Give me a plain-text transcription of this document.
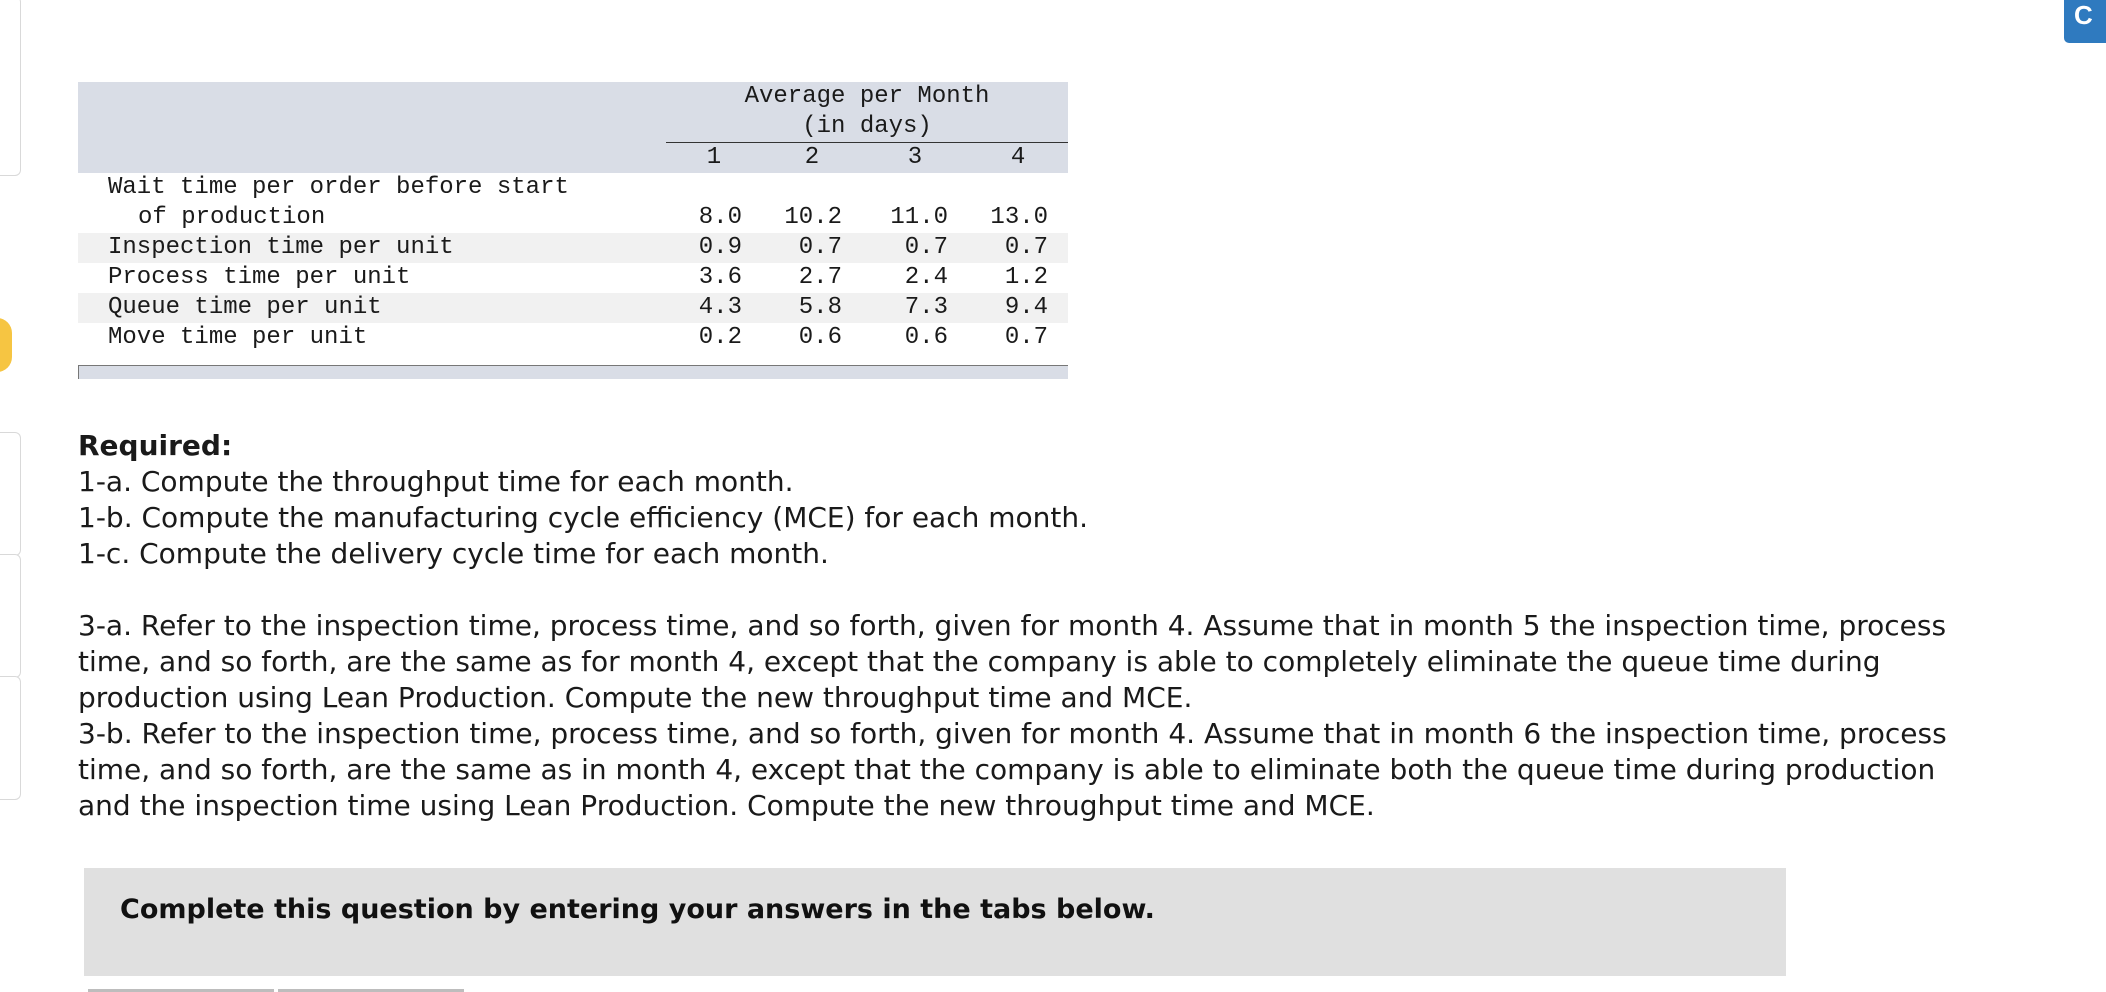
C

	Average per Month
(in days)			

	1	2	3	4
Wait time per order before start				
of production	8.0	10.2	11.0	13.0
Inspection time per unit	0.9	0.7	0.7	0.7
Process time per unit	3.6	2.7	2.4	1.2
Queue time per unit	4.3	5.8	7.3	9.4
Move time per unit	0.2	0.6	0.6	0.7

Required:

1-a. Compute the throughput time for each month.

1-b. Compute the manufacturing cycle efficiency (MCE) for each month.

1-c. Compute the delivery cycle time for each month.

3-a. Refer to the inspection time, process time, and so forth, given for month 4. Assume that in month 5 the inspection time, process time, and so forth, are the same as for month 4, except that the company is able to completely eliminate the queue time during production using Lean Production. Compute the new throughput time and MCE.

3-b. Refer to the inspection time, process time, and so forth, given for month 4. Assume that in month 6 the inspection time, process time, and so forth, are the same as in month 4, except that the company is able to eliminate both the queue time during production and the inspection time using Lean Production. Compute the new throughput time and MCE.

Complete this question by entering your answers in the tabs below.
